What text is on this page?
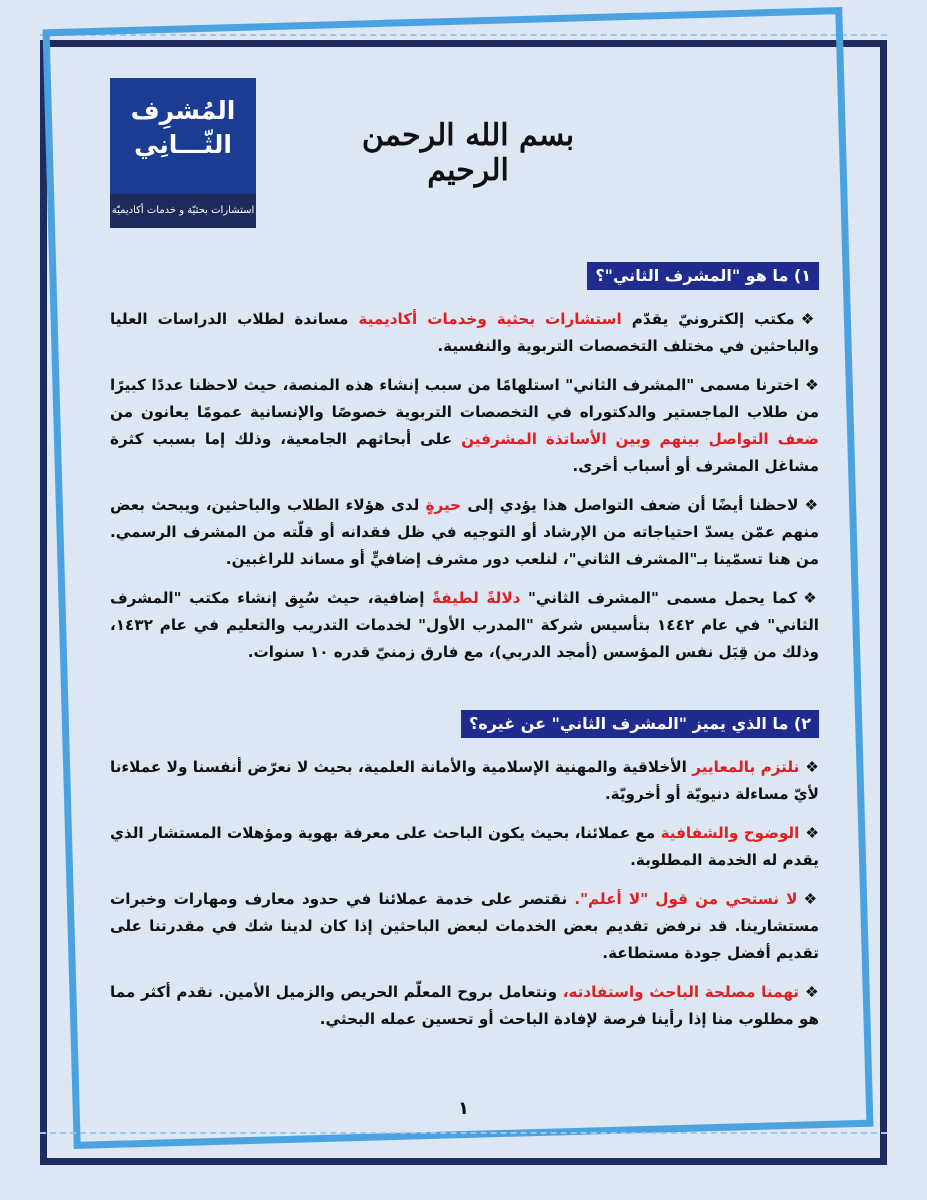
المُشرِف
الثّـــانِي
استشارات بحثيّة و خدمات أكاديميّة
بسم الله الرحمن الرحيم
١) ما هو "المشرف الثاني"؟

❖مكتب إلكترونيّ يقدّم استشارات بحثية وخدمات أكاديمية مساندة لطلاب الدراسات العليا والباحثين في مختلف التخصصات التربوية والنفسية.

❖اخترنا مسمى "المشرف الثاني" استلهامًا من سبب إنشاء هذه المنصة، حيث لاحظنا عددًا كبيرًا من طلاب الماجستير والدكتوراه في التخصصات التربوية خصوصًا والإنسانية عمومًا يعانون من ضعف التواصل بينهم وبين الأساتذة المشرفين على أبحاثهم الجامعية، وذلك إما بسبب كثرة مشاغل المشرف أو أسباب أخرى.

❖لاحظنا أيضًا أن ضعف التواصل هذا يؤدي إلى حيرةٍ لدى هؤلاء الطلاب والباحثين، ويبحث بعض منهم عمّن يسدّ احتياجاته من الإرشاد أو التوجيه في ظل فقدانه أو قلّته من المشرف الرسمي. من هنا تسمّينا بـ"المشرف الثاني"، لنلعب دور مشرف إضافيٍّ أو مساند للراغبين.

❖كما يحمل مسمى "المشرف الثاني" دلالةً لطيفةً إضافية، حيث سُبِق إنشاء مكتب "المشرف الثاني" في عام ١٤٤٢ بتأسيس شركة "المدرب الأول" لخدمات التدريب والتعليم في عام ١٤٣٢، وذلك من قِبَل نفس المؤسس (أمجد الدربي)، مع فارق زمنيّ قدره ١٠ سنوات.

٢) ما الذي يميز "المشرف الثاني" عن غيره؟

❖نلتزم بالمعايير الأخلاقية والمهنية الإسلامية والأمانة العلمية، بحيث لا نعرّض أنفسنا ولا عملاءنا لأيّ مساءلة دنيويّة أو أخرويّة.

❖الوضوح والشفافية مع عملائنا، بحيث يكون الباحث على معرفة بهوية ومؤهلات المستشار الذي يقدم له الخدمة المطلوبة.

❖لا نستحي من قول "لا أعلم". نقتصر على خدمة عملائنا في حدود معارف ومهارات وخبرات مستشارينا. قد نرفض تقديم بعض الخدمات لبعض الباحثين إذا كان لدينا شك في مقدرتنا على تقديم أفضل جودة مستطاعة.

❖تهمنا مصلحة الباحث واستفادته، ونتعامل بروح المعلّم الحريص والزميل الأمين. نقدم أكثر مما هو مطلوب منا إذا رأينا فرصة لإفادة الباحث أو تحسين عمله البحثي.

١
